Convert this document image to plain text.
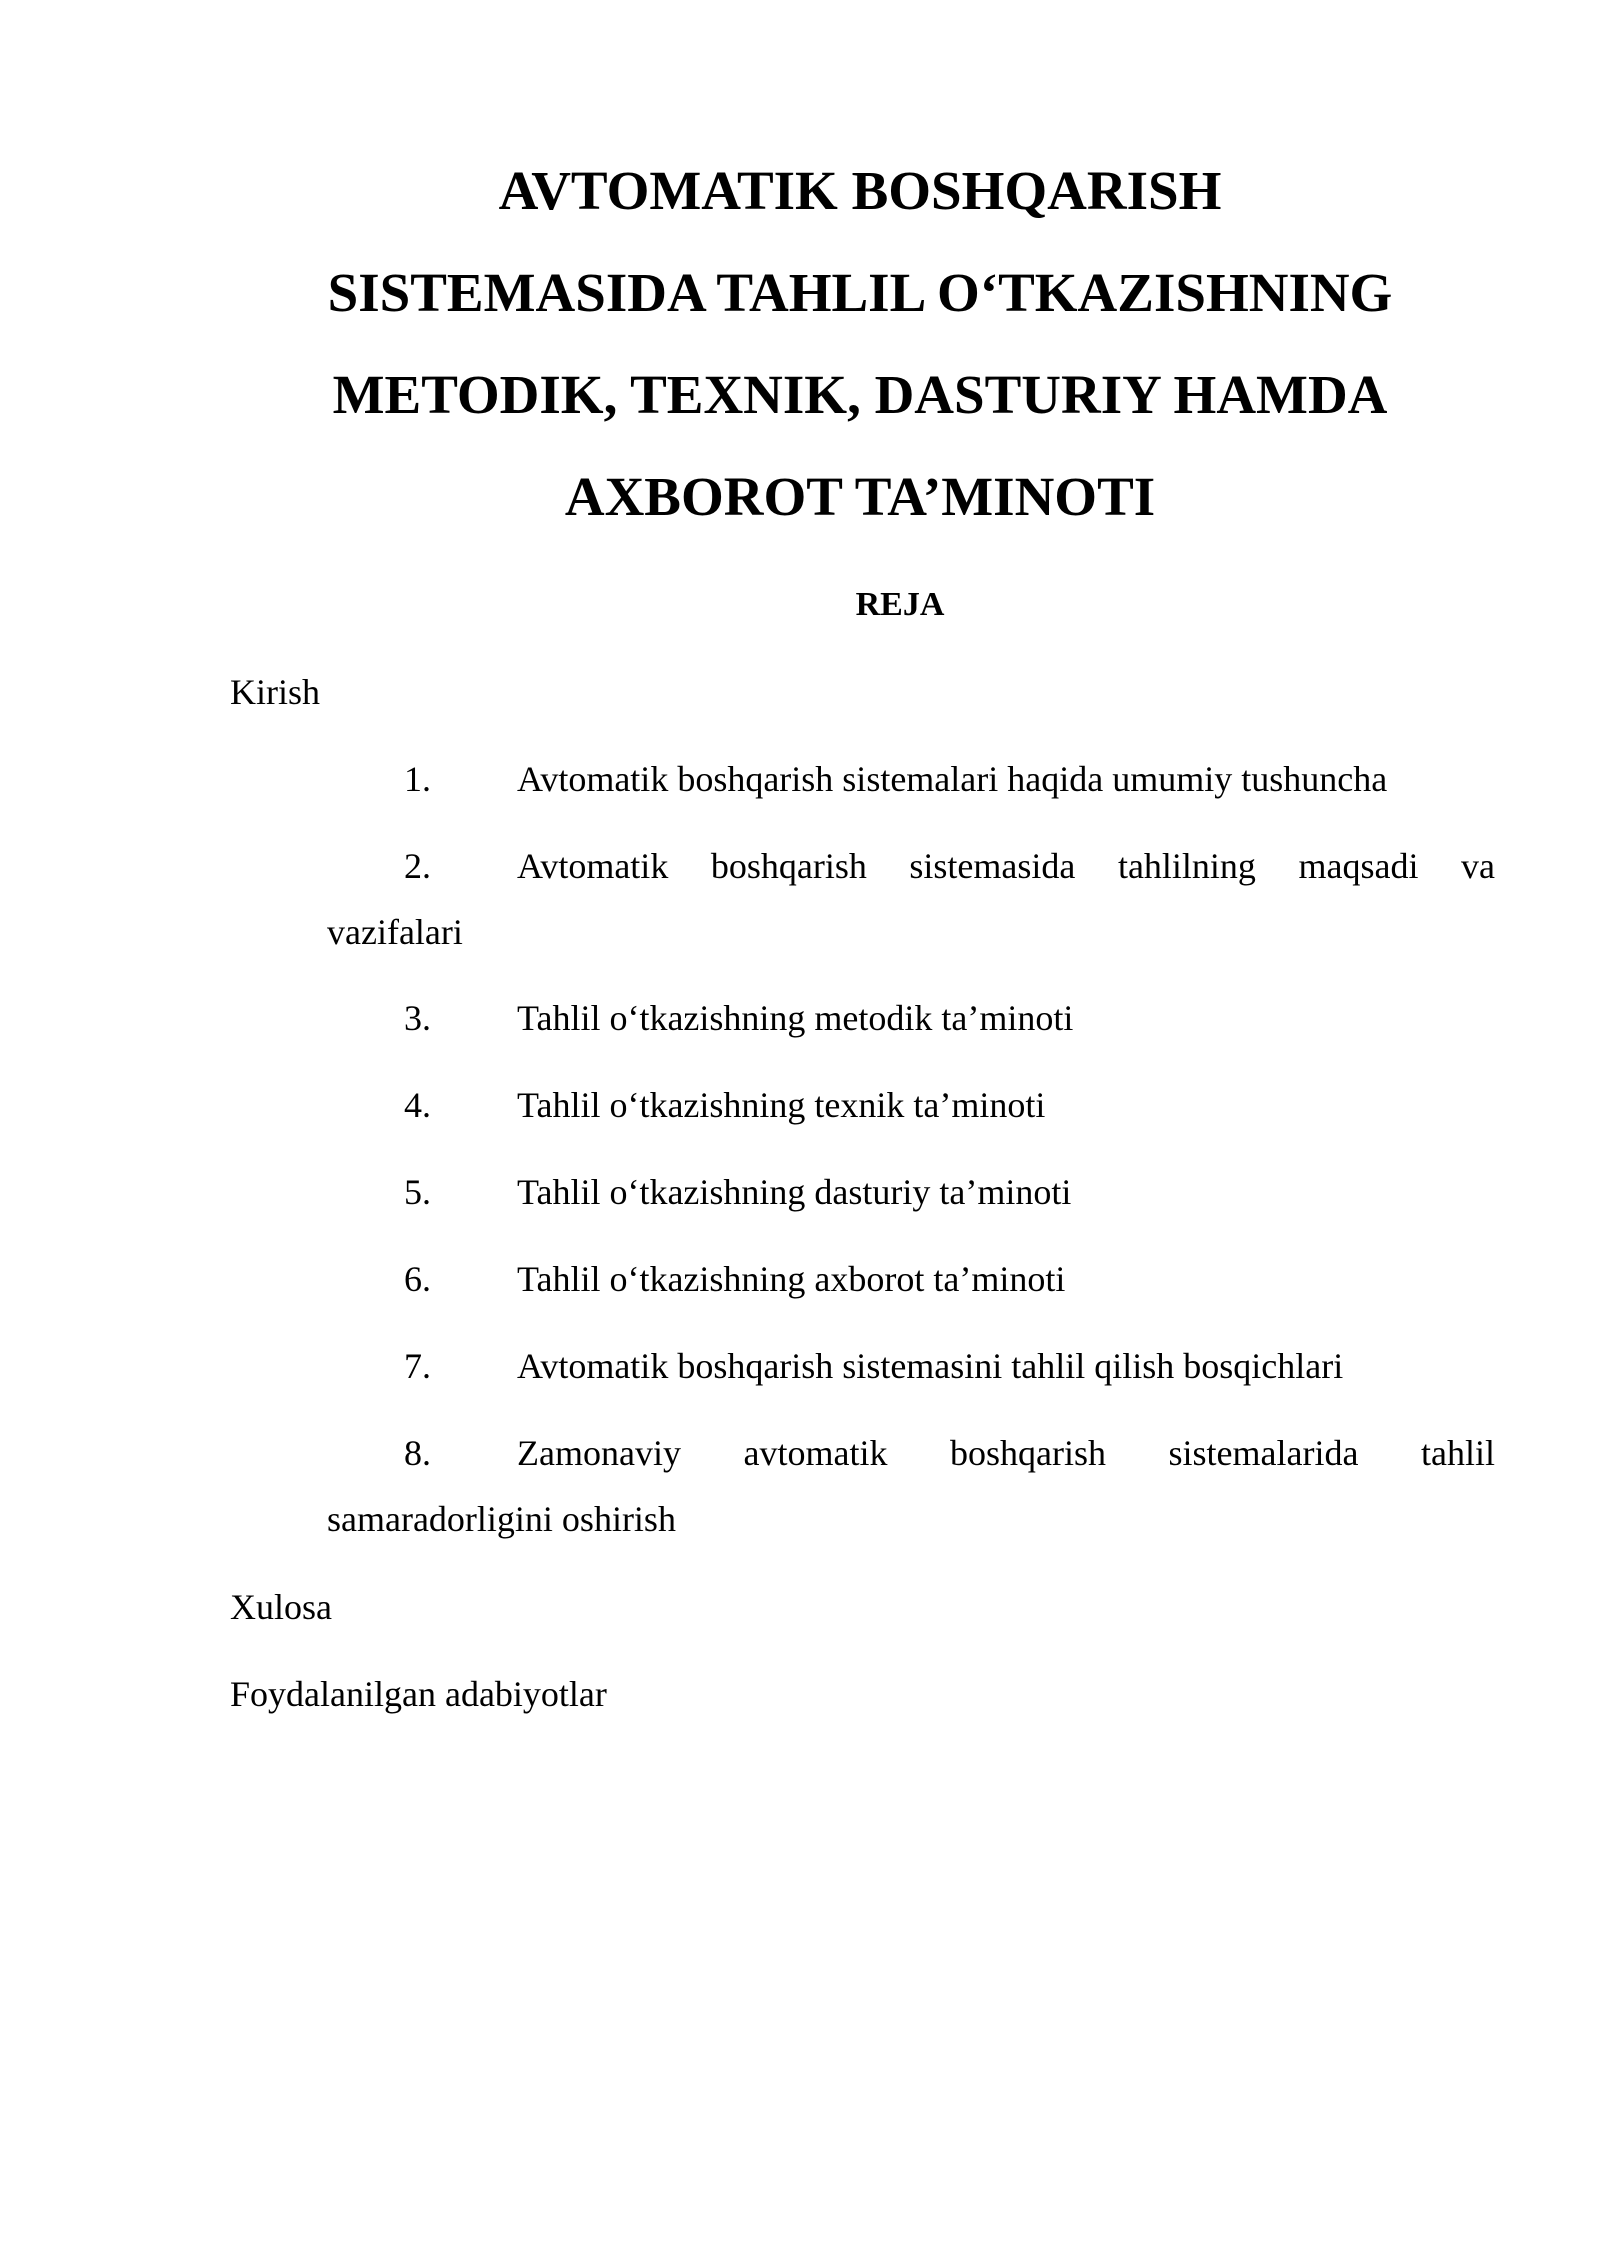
AVTOMATIK BOSHQARISH
SISTEMASIDA TAHLIL O‘TKAZISHNING
METODIK, TEXNIK, DASTURIY HAMDA
AXBOROT TA’MINOTI
REJA

Kirish

1.	Avtomatik boshqarish sistemalari haqida umumiy tushuncha
2.	Avtomatik boshqarish sistemasida tahlilning maqsadi va
vazifalari
3.	Tahlil o‘tkazishning metodik ta’minoti
4.	Tahlil o‘tkazishning texnik ta’minoti
5.	Tahlil o‘tkazishning dasturiy ta’minoti
6.	Tahlil o‘tkazishning axborot ta’minoti
7.	Avtomatik boshqarish sistemasini tahlil qilish bosqichlari
8.	Zamonaviy avtomatik boshqarish sistemalarida tahlil
samaradorligini oshirish

Xulosa

Foydalanilgan adabiyotlar
